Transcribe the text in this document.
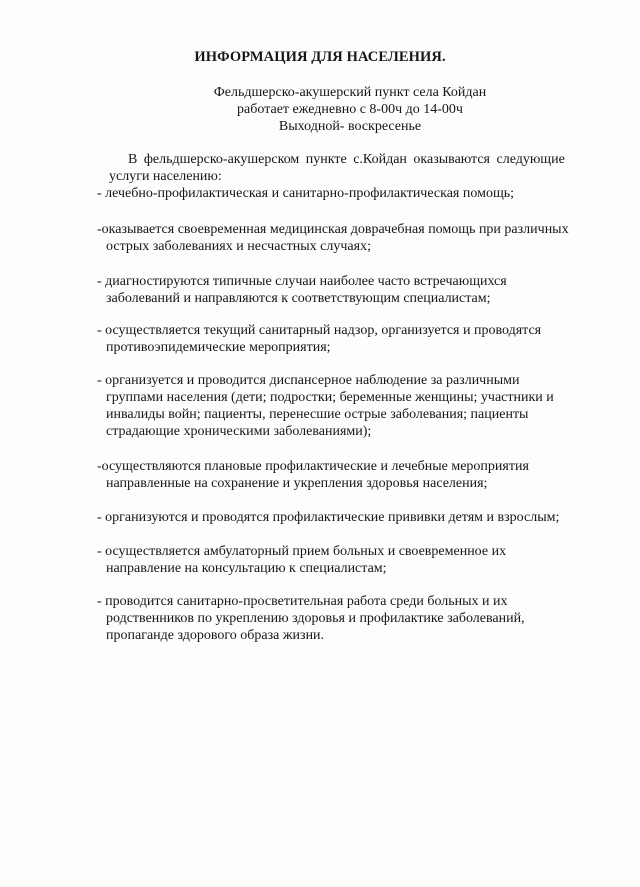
ИНФОРМАЦИЯ ДЛЯ НАСЕЛЕНИЯ.
Фельдшерско-акушерский пункт села Койдан
работает ежедневно с 8-00ч до 14-00ч
Выходной- воскресенье
В фельдшерско-акушерском пункте с.Койдан оказываются следующие
услуги населению:
- лечебно-профилактическая и санитарно-профилактическая помощь;
-оказывается своевременная медицинская доврачебная помощь при различных
острых заболеваниях и несчастных случаях;
- диагностируются типичные случаи наиболее часто встречающихся
заболеваний и направляются к соответствующим специалистам;
- осуществляется текущий санитарный надзор, организуется и проводятся
противоэпидемические мероприятия;
- организуется и проводится диспансерное наблюдение за различными
группами населения (дети; подростки; беременные женщины; участники и
инвалиды войн; пациенты, перенесшие острые заболевания; пациенты
страдающие хроническими заболеваниями);
-осуществляются плановые профилактические и лечебные мероприятия
направленные на сохранение и укрепления здоровья населения;
- организуются и проводятся профилактические прививки детям и взрослым;
- осуществляется амбулаторный прием больных и своевременное их
направление на консультацию к специалистам;
- проводится санитарно-просветительная работа среди больных и их
родственников по укреплению здоровья и профилактике заболеваний,
пропаганде здорового образа жизни.
